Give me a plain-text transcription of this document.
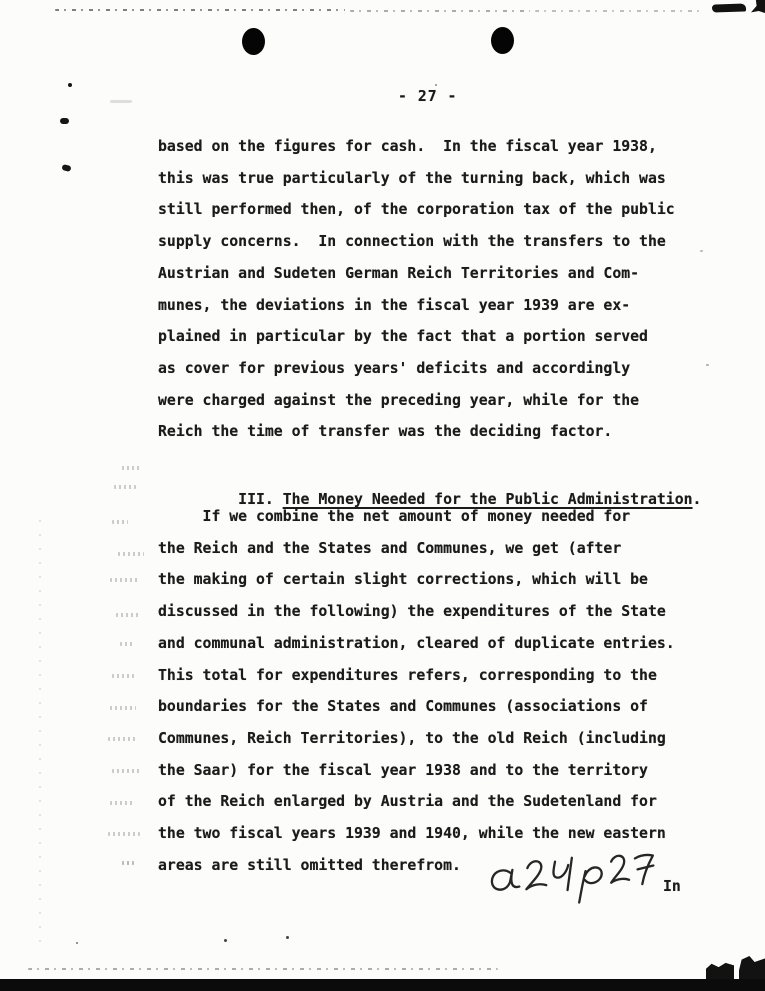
- 27 -
based on the figures for cash.  In the fiscal year 1938,
this was true particularly of the turning back, which was
still performed then, of the corporation tax of the public
supply concerns.  In connection with the transfers to the
Austrian and Sudeten German Reich Territories and Com-
munes, the deviations in the fiscal year 1939 are ex-
plained in particular by the fact that a portion served
as cover for previous years' deficits and accordingly
were charged against the preceding year, while for the
Reich the time of transfer was the deciding factor.

III. The Money Needed for the Public Administration.

If we combine the net amount of money needed for
the Reich and the States and Communes, we get (after
the making of certain slight corrections, which will be
discussed in the following) the expenditures of the State
and communal administration, cleared of duplicate entries.
This total for expenditures refers, corresponding to the
boundaries for the States and Communes (associations of
Communes, Reich Territories), to the old Reich (including
the Saar) for the fiscal year 1938 and to the territory
of the Reich enlarged by Austria and the Sudetenland for
the two fiscal years 1939 and 1940, while the new eastern
areas are still omitted therefrom.
In
